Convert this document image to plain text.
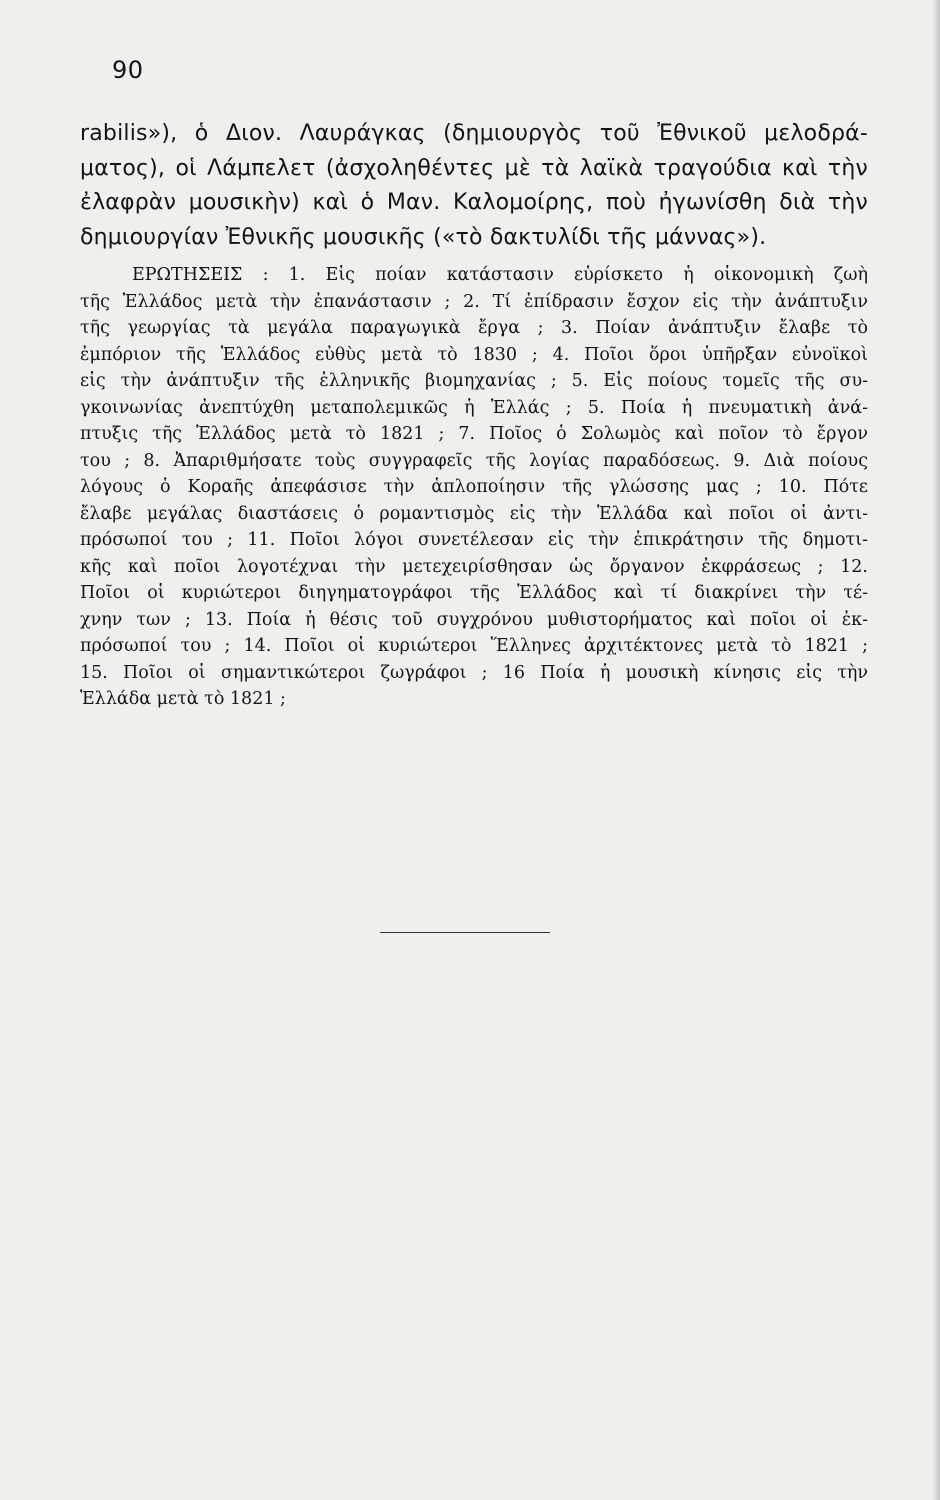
90
rabilis»), ὁ Διον. Λαυράγκας (δημιουργὸς τοῦ Ἐθνικοῦ μελοδρά-
ματος), οἱ Λάμπελετ (ἀσχοληθέντες μὲ τὰ λαϊκὰ τραγούδια καὶ τὴν
ἐλαφρὰν μουσικὴν) καὶ ὁ Μαν. Καλομοίρης, ποὺ ἠγωνίσθη διὰ τὴν
δημιουργίαν Ἐθνικῆς μουσικῆς («τὸ δακτυλίδι τῆς μάννας»).
ΕΡΩΤΗΣΕΙΣ : 1. Εἰς ποίαν κατάστασιν εὑρίσκετο ἡ οἰκονομικὴ ζωὴ
τῆς Ἑλλάδος μετὰ τὴν ἐπανάστασιν ; 2. Τί ἐπίδρασιν ἔσχον εἰς τὴν ἀνάπτυξιν
τῆς γεωργίας τὰ μεγάλα παραγωγικὰ ἔργα ; 3. Ποίαν ἀνάπτυξιν ἔλαβε τὸ
ἐμπόριον τῆς Ἑλλάδος εὐθὺς μετὰ τὸ 1830 ; 4. Ποῖοι ὅροι ὑπῆρξαν εὐνοϊκοὶ
εἰς τὴν ἀνάπτυξιν τῆς ἑλληνικῆς βιομηχανίας ; 5. Εἰς ποίους τομεῖς τῆς συ-
γκοινωνίας ἀνεπτύχθη μεταπολεμικῶς ἡ Ἑλλάς ; 5. Ποία ἡ πνευματικὴ ἀνά-
πτυξις τῆς Ἑλλάδος μετὰ τὸ 1821 ; 7. Ποῖος ὁ Σολωμὸς καὶ ποῖον τὸ ἔργον
του ; 8. Ἀπαριθμήσατε τοὺς συγγραφεῖς τῆς λογίας παραδόσεως. 9. Διὰ ποίους
λόγους ὁ Κοραῆς ἀπεφάσισε τὴν ἁπλοποίησιν τῆς γλώσσης μας ; 10. Πότε
ἔλαβε μεγάλας διαστάσεις ὁ ρομαντισμὸς εἰς τὴν Ἑλλάδα καὶ ποῖοι οἱ ἀντι-
πρόσωποί του ; 11. Ποῖοι λόγοι συνετέλεσαν εἰς τὴν ἐπικράτησιν τῆς δημοτι-
κῆς καὶ ποῖοι λογοτέχναι τὴν μετεχειρίσθησαν ὡς ὄργανον ἐκφράσεως ; 12.
Ποῖοι οἱ κυριώτεροι διηγηματογράφοι τῆς Ἑλλάδος καὶ τί διακρίνει τὴν τέ-
χνην των ; 13. Ποία ἡ θέσις τοῦ συγχρόνου μυθιστορήματος καὶ ποῖοι οἱ ἐκ-
πρόσωποί του ; 14. Ποῖοι οἱ κυριώτεροι Ἕλληνες ἀρχιτέκτονες μετὰ τὸ 1821 ;
15. Ποῖοι οἱ σημαντικώτεροι ζωγράφοι ; 16 Ποία ἡ μουσικὴ κίνησις εἰς τὴν
Ἑλλάδα μετὰ τὸ 1821 ;
